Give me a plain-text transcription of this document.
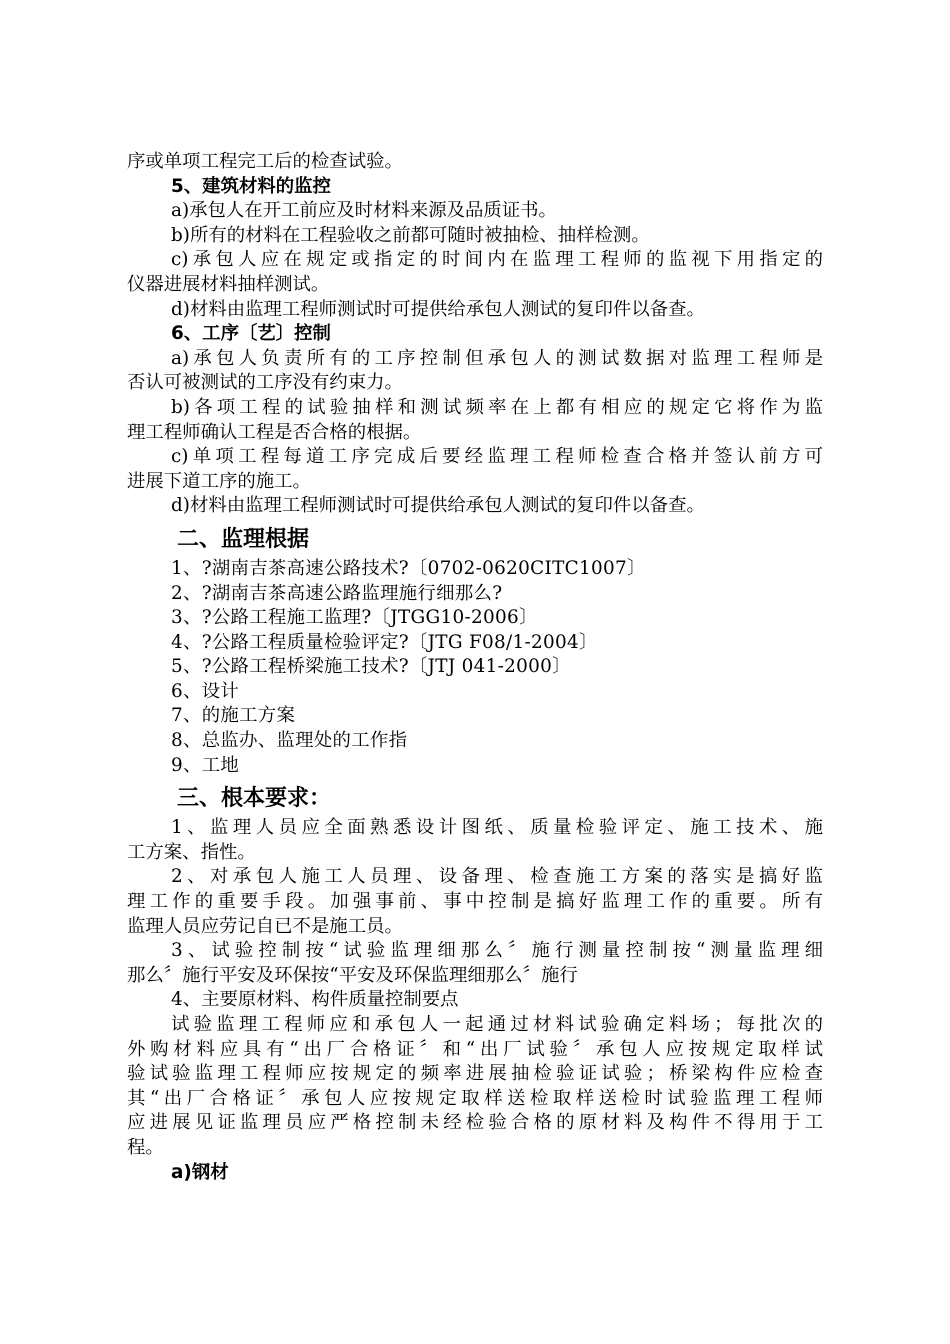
序或单项工程完工后的检查试验。
5、建筑材料的监控
a)承包人在开工前应及时材料来源及品质证书。
b)所有的材料在工程验收之前都可随时被抽检、抽样检测。
c)承包人应在规定或指定的时间内在监理工程师的监视下用指定的
仪器进展材料抽样测试。
d)材料由监理工程师测试时可提供给承包人测试的复印件以备查。
6、工序〔艺〕控制
a)承包人负责所有的工序控制但承包人的测试数据对监理工程师是
否认可被测试的工序没有约束力。
b)各项工程的试验抽样和测试频率在上都有相应的规定它将作为监
理工程师确认工程是否合格的根据。
c)单项工程每道工序完成后要经监理工程师检查合格并签认前方可
进展下道工序的施工。
d)材料由监理工程师测试时可提供给承包人测试的复印件以备查。
二、监理根据
1、?湖南吉茶高速公路技术?〔0702-0620CITC1007〕
2、?湖南吉茶高速公路监理施行细那么?
3、?公路工程施工监理?〔JTGG10-2006〕
4、?公路工程质量检验评定?〔JTG F08/1-2004〕
5、?公路工程桥梁施工技术?〔JTJ 041-2000〕
6、设计
7、的施工方案
8、总监办、监理处的工作指
9、工地
三、根本要求：
1、监理人员应全面熟悉设计图纸、质量检验评定、施工技术、施
工方案、指性。
2、对承包人施工人员理、设备理、检查施工方案的落实是搞好监
理工作的重要手段。加强事前、事中控制是搞好监理工作的重要。所有
监理人员应劳记自已不是施工员。
3、试验控制按“试验监理细那么〞施行测量控制按“测量监理细
那么〞施行平安及环保按“平安及环保监理细那么〞施行
4、主要原材料、构件质量控制要点
试验监理工程师应和承包人一起通过材料试验确定料场；每批次的
外购材料应具有“出厂合格证〞和“出厂试验〞承包人应按规定取样试
验试验监理工程师应按规定的频率进展抽检验证试验；桥梁构件应检查
其“出厂合格证〞承包人应按规定取样送检取样送检时试验监理工程师
应进展见证监理员应严格控制未经检验合格的原材料及构件不得用于工
程。
a)钢材
